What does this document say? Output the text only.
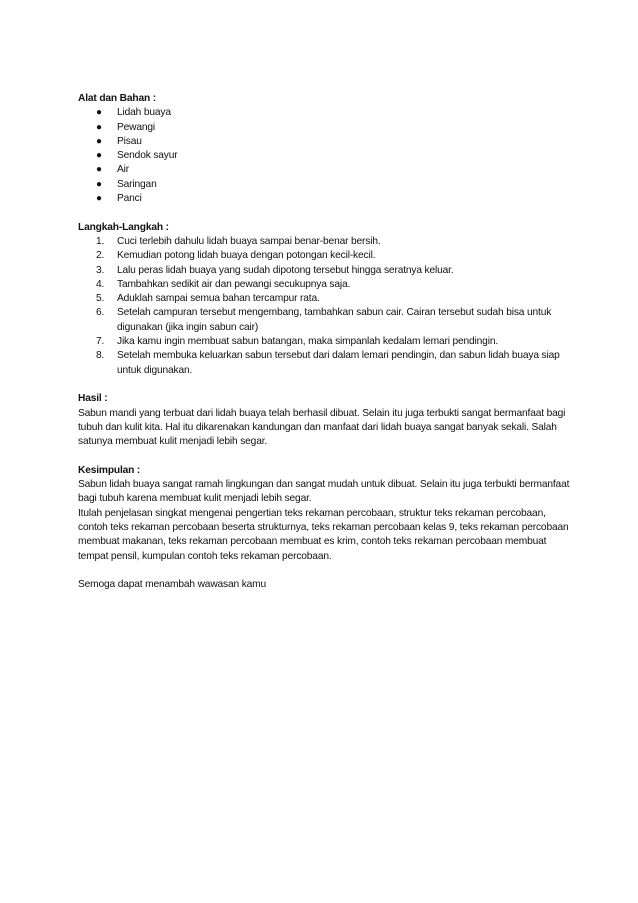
Alat dan Bahan :

● Lidah buaya
● Pewangi
● Pisau
● Sendok sayur
● Air
● Saringan
● Panci

Langkah-Langkah :

1. Cuci terlebih dahulu lidah buaya sampai benar-benar bersih.
2. Kemudian potong lidah buaya dengan potongan kecil-kecil.
3. Lalu peras lidah buaya yang sudah dipotong tersebut hingga seratnya keluar.
4. Tambahkan sedikit air dan pewangi secukupnya saja.
5. Aduklah sampai semua bahan tercampur rata.
6. Setelah campuran tersebut mengembang, tambahkan sabun cair. Cairan tersebut sudah bisa untuk digunakan (jika ingin sabun cair)
7. Jika kamu ingin membuat sabun batangan, maka simpanlah kedalam lemari pendingin.
8. Setelah membuka keluarkan sabun tersebut dari dalam lemari pendingin, dan sabun lidah buaya siap untuk digunakan.

Hasil :

Sabun mandi yang terbuat dari lidah buaya telah berhasil dibuat. Selain itu juga terbukti sangat bermanfaat bagi tubuh dan kulit kita. Hal itu dikarenakan kandungan dan manfaat dari lidah buaya sangat banyak sekali. Salah satunya membuat kulit menjadi lebih segar.

Kesimpulan :

Sabun lidah buaya sangat ramah lingkungan dan sangat mudah untuk dibuat. Selain itu juga terbukti bermanfaat bagi tubuh karena membuat kulit menjadi lebih segar.

Itulah penjelasan singkat mengenai pengertian teks rekaman percobaan, struktur teks rekaman percobaan, contoh teks rekaman percobaan beserta strukturnya, teks rekaman percobaan kelas 9, teks rekaman percobaan membuat makanan, teks rekaman percobaan membuat es krim, contoh teks rekaman percobaan membuat tempat pensil, kumpulan contoh teks rekaman percobaan.

Semoga dapat menambah wawasan kamu
